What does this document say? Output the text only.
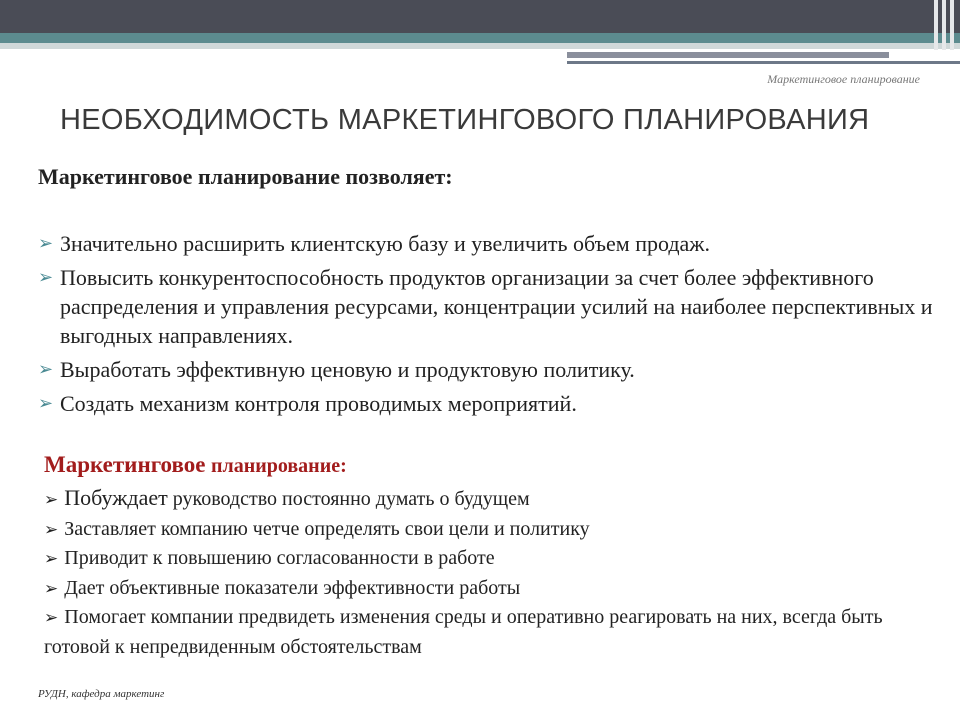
Маркетинговое планирование
НЕОБХОДИМОСТЬ МАРКЕТИНГОВОГО ПЛАНИРОВАНИЯ
Маркетинговое планирование позволяет:
➢ Значительно расширить клиентскую базу и увеличить объем продаж.
➢ Повысить конкурентоспособность продуктов организации за счет более эффективного распределения и управления ресурсами, концентрации усилий на наиболее перспективных и выгодных направлениях.
➢ Выработать эффективную ценовую и продуктовую политику.
➢ Создать механизм контроля проводимых мероприятий.
Маркетинговое планирование:
➢ Побуждает руководство постоянно думать о будущем
➢ Заставляет компанию четче определять свои цели и политику
➢ Приводит к повышению согласованности в работе
➢ Дает объективные показатели эффективности работы
➢ Помогает компании предвидеть изменения среды и оперативно реагировать на них, всегда быть готовой к непредвиденным обстоятельствам
РУДН, кафедра маркетинг
